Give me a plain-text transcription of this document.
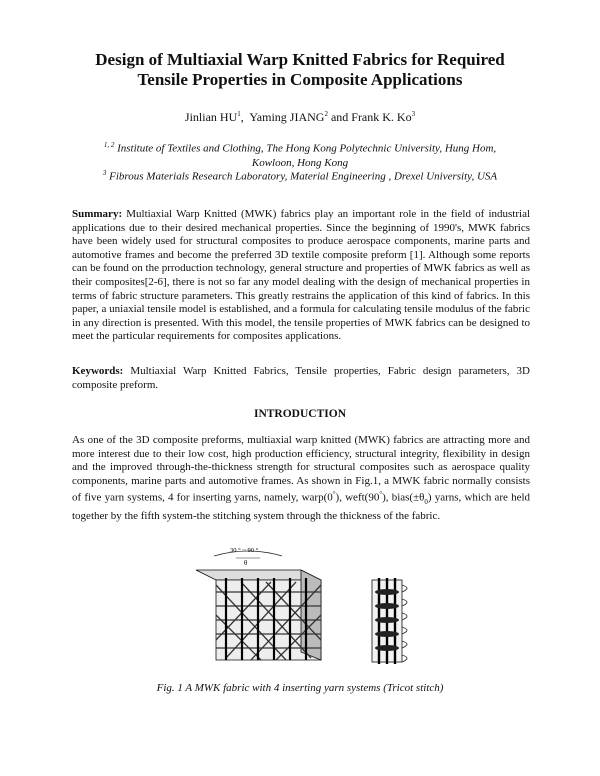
Design of Multiaxial Warp Knitted Fabrics for Required
Tensile Properties in Composite Applications
Jinlian $HU^1$,  Yaming JIANG$^2$ and Frank K. Ko$^3$
$^{1, 2}$ Institute of Textiles and Clothing, The Hong Kong Polytechnic University, Hung Hom,
Kowloon, Hong Kong
$^3$ Fibrous Materials Research Laboratory, Material Engineering , Drexel University, USA
Summary: Multiaxial Warp Knitted (MWK) fabrics play an important role in the field of industrial applications due to their desired mechanical properties. Since the beginning of 1990's, MWK fabrics have been widely used for structural composites to produce aerospace components, marine parts and automotive frames and become the preferred 3D textile composite preform [1]. Although some reports can be found on the prroduction technology, general structure and properties of MWK fabrics as well as their composites[2-6], there is not so far any model dealing with the design of mechanical properties in terms of fabric structure parameters. This greatly restrains the application of this kind of fabrics. In this paper, a uniaxial tensile model is established, and a formula for calculating tensile modulus of the fabric in any direction is presented. With this model, the tensile properties of MWK fabrics can be designed to meet the particular requirements for composites applications.
Keywords: Multiaxial Warp Knitted Fabrics, Tensile properties, Fabric design parameters, 3D composite preform.
INTRODUCTION
As one of the 3D composite preforms, multiaxial warp knitted (MWK) fabrics are attracting more and more interest due to their low cost, high production efficiency, structural integrity, flexibility in design and the improved through-the-thickness strength for structural composites such as aerospace quality components, marine parts and automotive frames. As shown in Fig.1, a MWK fabric normally consists of five yarn systems, 4 for inserting yarns, namely, warp(0°), weft(90°), $bias(\pm\theta_0)$ yarns, which are held together by the fifth system-the stitching system through the thickness of the fabric.
30 ° ~ 90 °
θ
Fig. 1 A MWK fabric with 4 inserting yarn systems (Tricot stitch)
